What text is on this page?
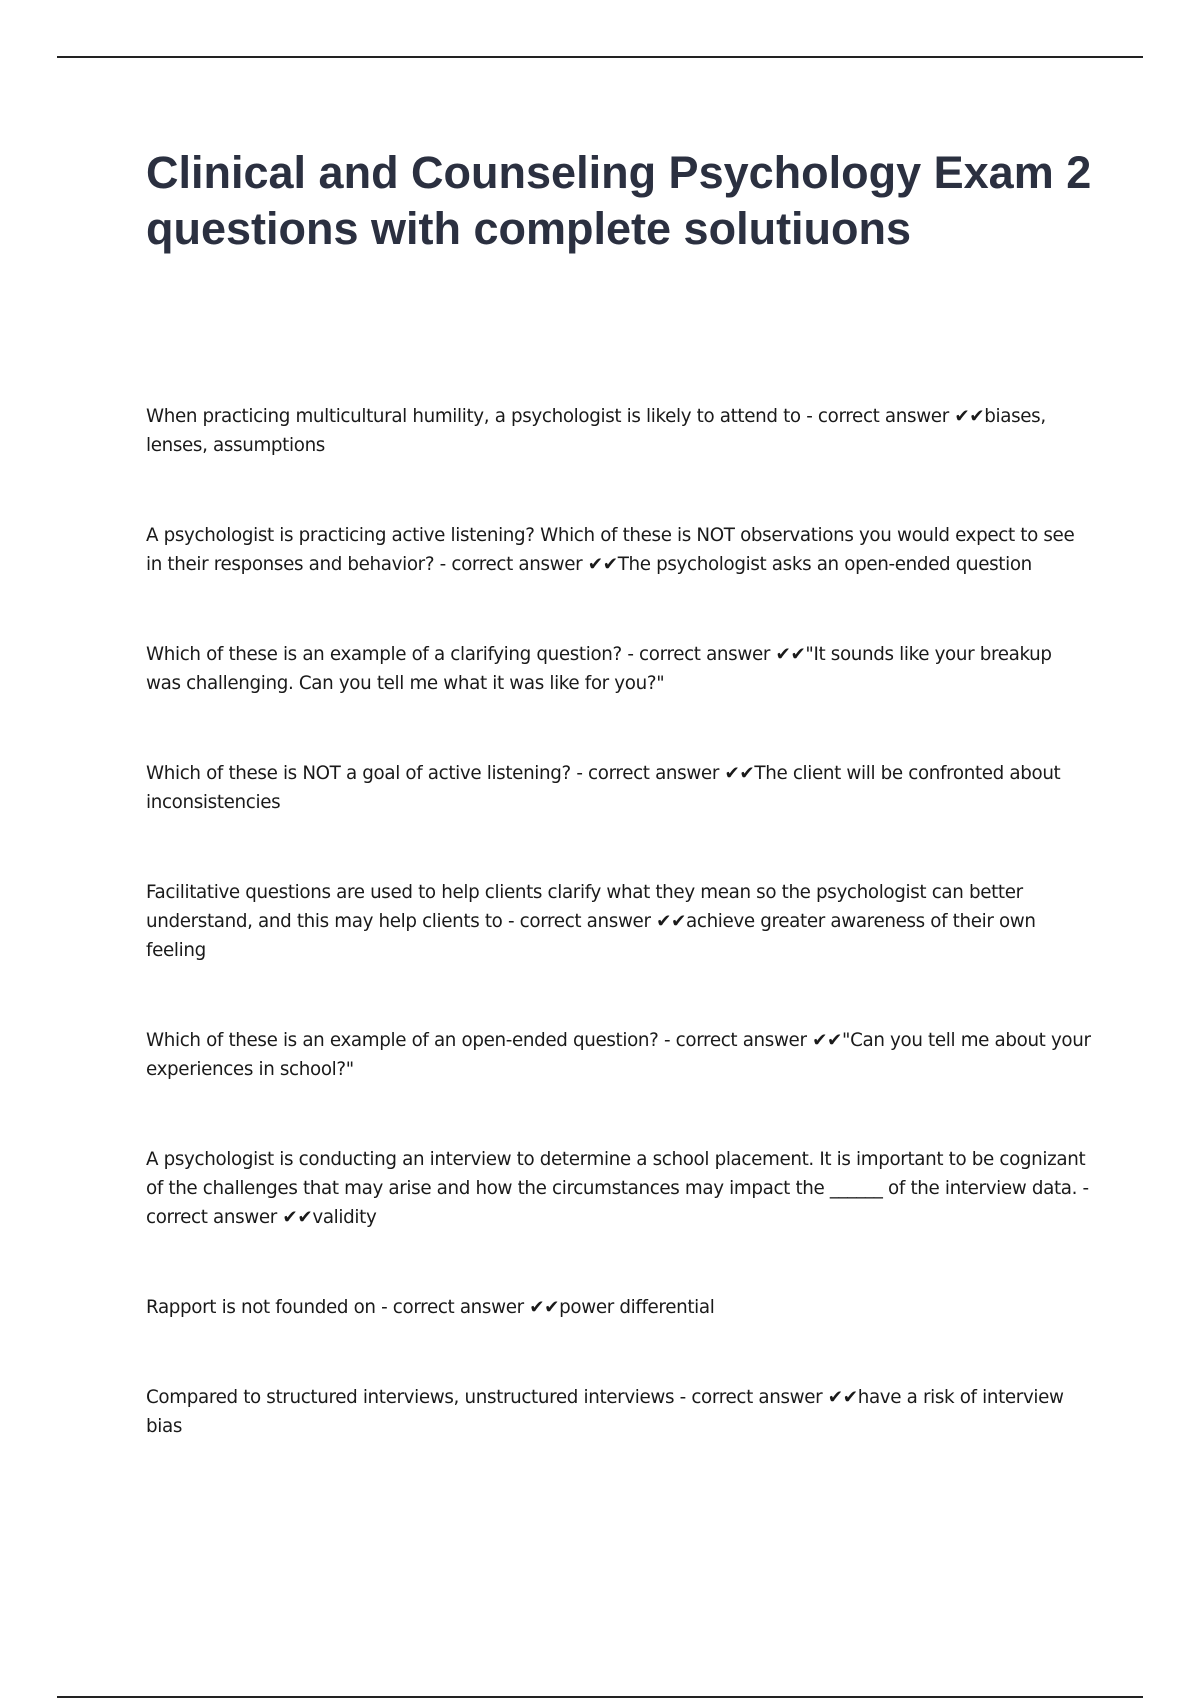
Clinical and Counseling Psychology Exam 2 questions with complete solutiuons
When practicing multicultural humility, a psychologist is likely to attend to - correct answer ✔✔biases, lenses, assumptions
A psychologist is practicing active listening? Which of these is NOT observations you would expect to see in their responses and behavior? - correct answer ✔✔The psychologist asks an open-ended question
Which of these is an example of a clarifying question? - correct answer ✔✔"It sounds like your breakup was challenging. Can you tell me what it was like for you?"
Which of these is NOT a goal of active listening? - correct answer ✔✔The client will be confronted about inconsistencies
Facilitative questions are used to help clients clarify what they mean so the psychologist can better understand, and this may help clients to - correct answer ✔✔achieve greater awareness of their own feeling
Which of these is an example of an open-ended question? - correct answer ✔✔"Can you tell me about your experiences in school?"
A psychologist is conducting an interview to determine a school placement. It is important to be cognizant of the challenges that may arise and how the circumstances may impact the ______ of the interview data. - correct answer ✔✔validity
Rapport is not founded on - correct answer ✔✔power differential
Compared to structured interviews, unstructured interviews - correct answer ✔✔have a risk of interview bias
